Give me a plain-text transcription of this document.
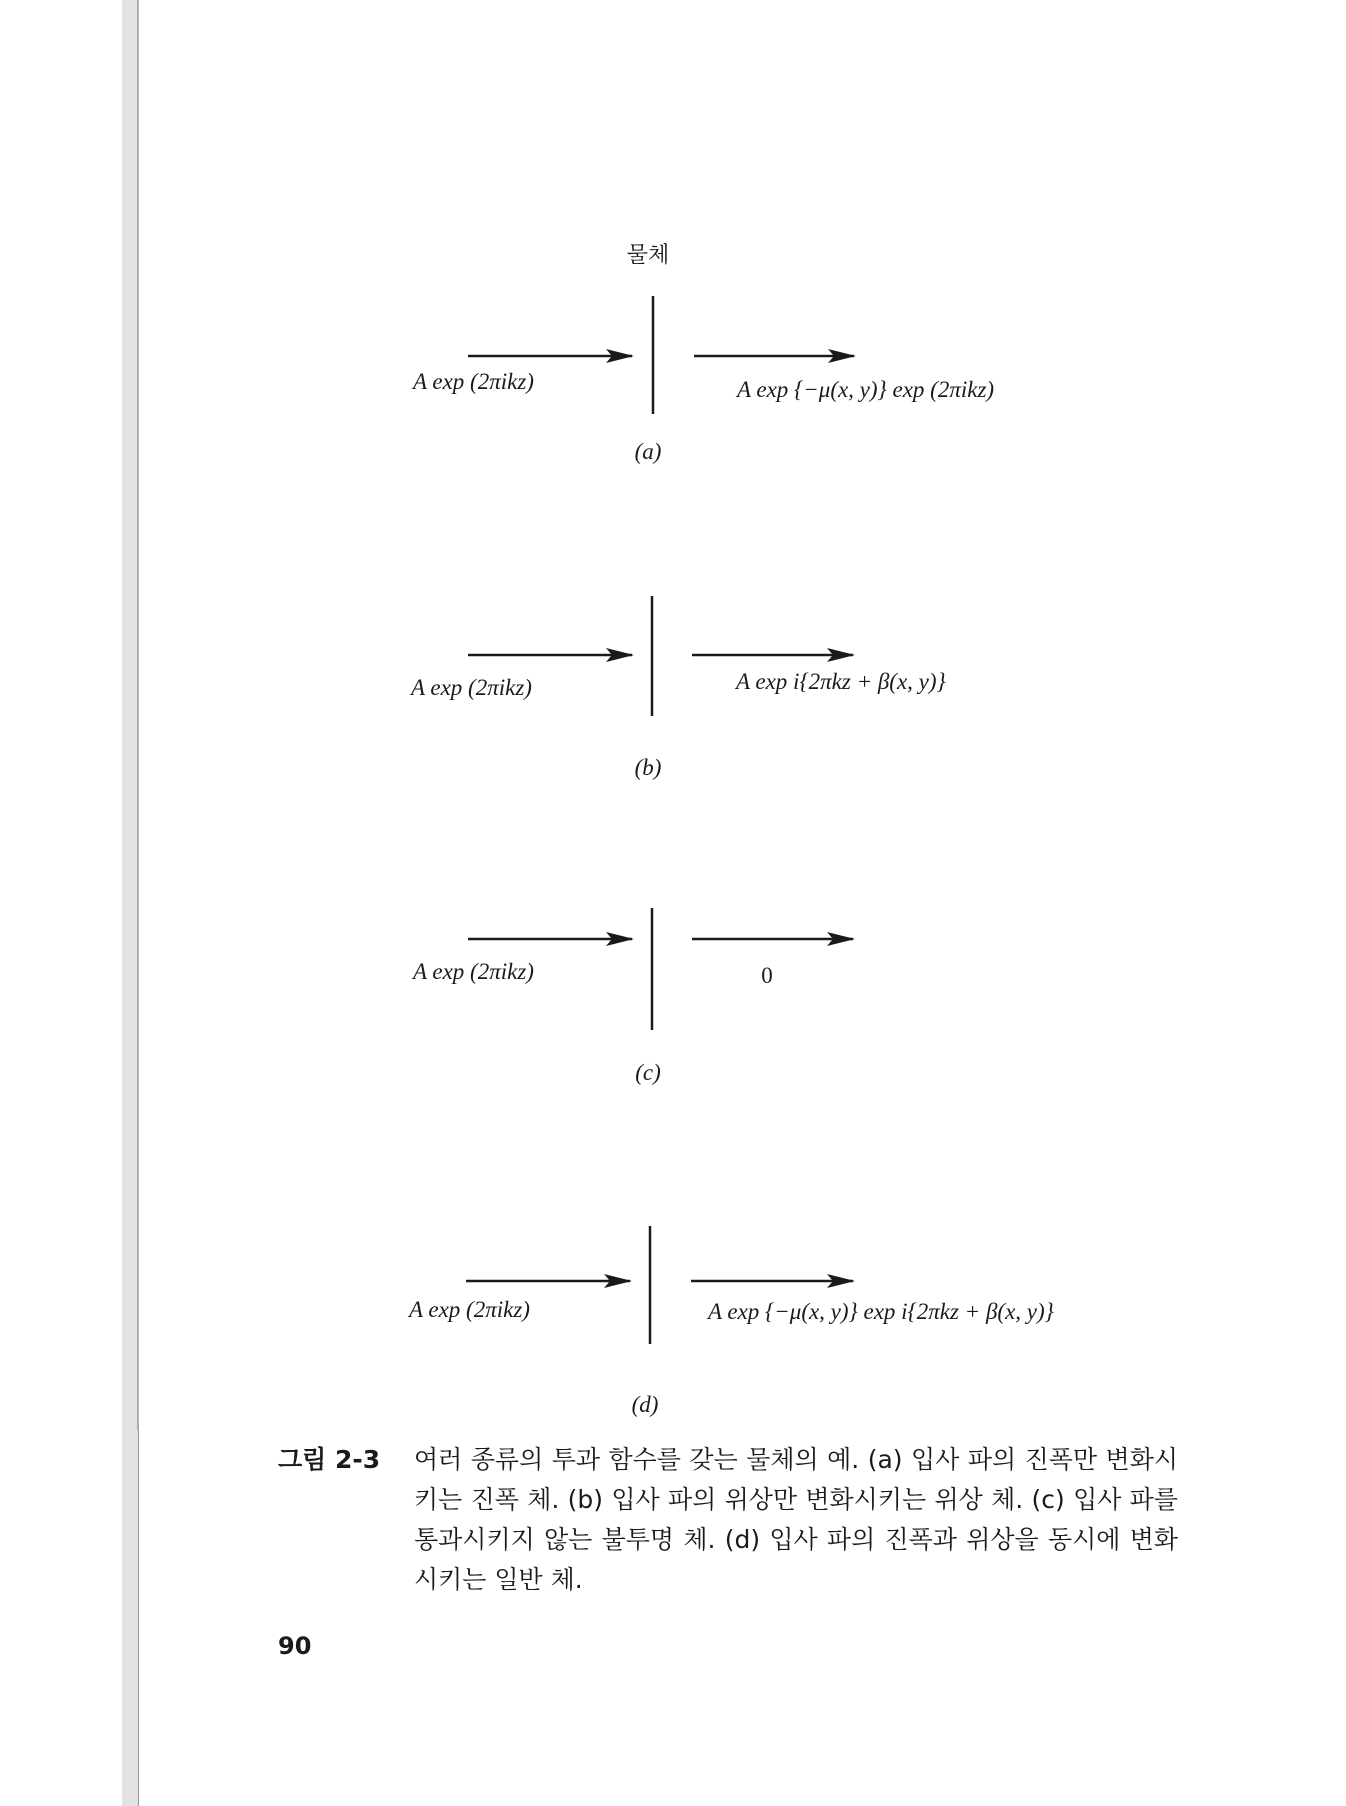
물체
A exp (2πikz)	A exp {−μ(x, y)} exp (2πikz)
(a)
A exp (2πikz)	A exp i{2πkz + β(x, y)}
(b)
A exp (2πikz)	0
(c)
A exp (2πikz)	A exp {−μ(x, y)} exp i{2πkz + β(x, y)}
(d)
그림 2-3 여러 종류의 투과 함수를 갖는 물체의 예. (a) 입사 파의 진폭만 변화시키는 진폭 체. (b) 입사 파의 위상만 변화시키는 위상 체. (c) 입사 파를 통과시키지 않는 불투명 체. (d) 입사 파의 진폭과 위상을 동시에 변화시키는 일반 체.
90
